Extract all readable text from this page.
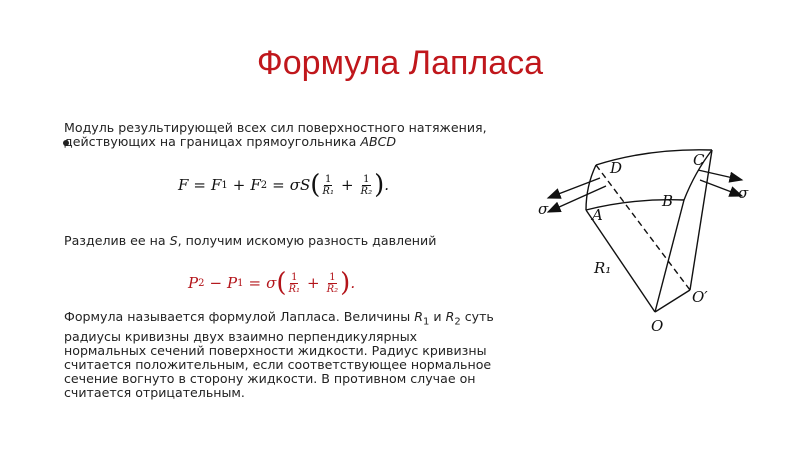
Формула Лапласа
Модуль результирующей всех сил поверхностного натяжения, действующих на границах прямоугольника ABCD
F = F 1 + F 2 = σS ( $\frac{1}{\text{R₁}} + \frac{1}{\text{R₂}}$ ) .
Разделив ее на S, получим искомую разность давлений
P 2 − P 1 = σ ( $\frac{1}{\text{R₁}} + \frac{1}{\text{R₂}}$ ) .
Формула называется формулой Лапласа. Величины $R_1$ и $R_2$ суть радиусы кривизны двух взаимно перпендикулярных нормальных сечений поверхности жидкости. Радиус кривизны считается положительным, если соответствующее нормальное сечение вогнуто в сторону жидкости. В противном случае он считается отрицательным.
D	C
A
B
σ
σ
R₁
O′
O
